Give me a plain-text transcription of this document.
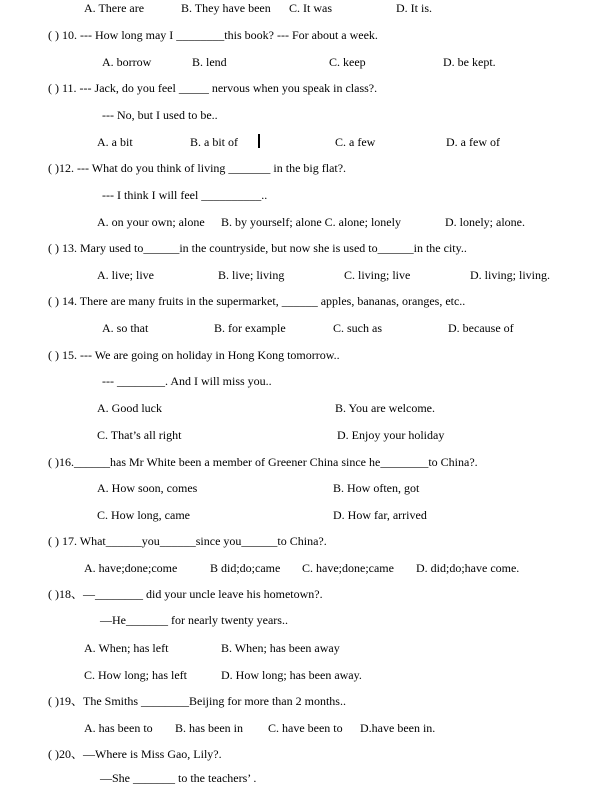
A. There are	B. They have been C. It was	D. It is.
( ) 10. --- How long may I ________this book? --- For about a week.
A. borrow	B. lend	C. keep	D. be kept.
( ) 11. --- Jack, do you feel _____ nervous when you speak in class?.
--- No, but I used to be..
A. a bit	B. a bit of	C. a few	D. a few of
( )12. --- What do you think of living _______ in the big flat?.
--- I think I will feel __________..
A. on your own; alone B. by yourself; alone C. alone; lonely	D. lonely; alone.
( ) 13. Mary used to______in the countryside, but now she is used to______in the city..
A. live; live	B. live; living	C. living; live	D. living; living.
( ) 14. There are many fruits in the supermarket, ______ apples, bananas, oranges, etc..
A. so that	B. for example	C. such as	D. because of
( ) 15. --- We are going on holiday in Hong Kong tomorrow..
--- ________. And I will miss you..
A. Good luck	B. You are welcome.
C. That’s all right	D. Enjoy your holiday
( )16.______has Mr White been a member of Greener China since he________to China?.
A. How soon, comes	B. How often, got
C. How long, came	D. How far, arrived
( ) 17. What______you______since you______to China?.
A. have;done;come	B did;do;came C. have;done;came D. did;do;have come.
( )18、—________ did your uncle leave his hometown?.
—He_______ for nearly twenty years..
A. When; has left	B. When; has been away
C. How long; has left	D. How long; has been away.
( )19、The Smiths ________Beijing for more than 2 months..
A. has been to B. has been in C. have been to D.have been in.
( )20、—Where is Miss Gao, Lily?.
—She _______ to the teachers’ .
